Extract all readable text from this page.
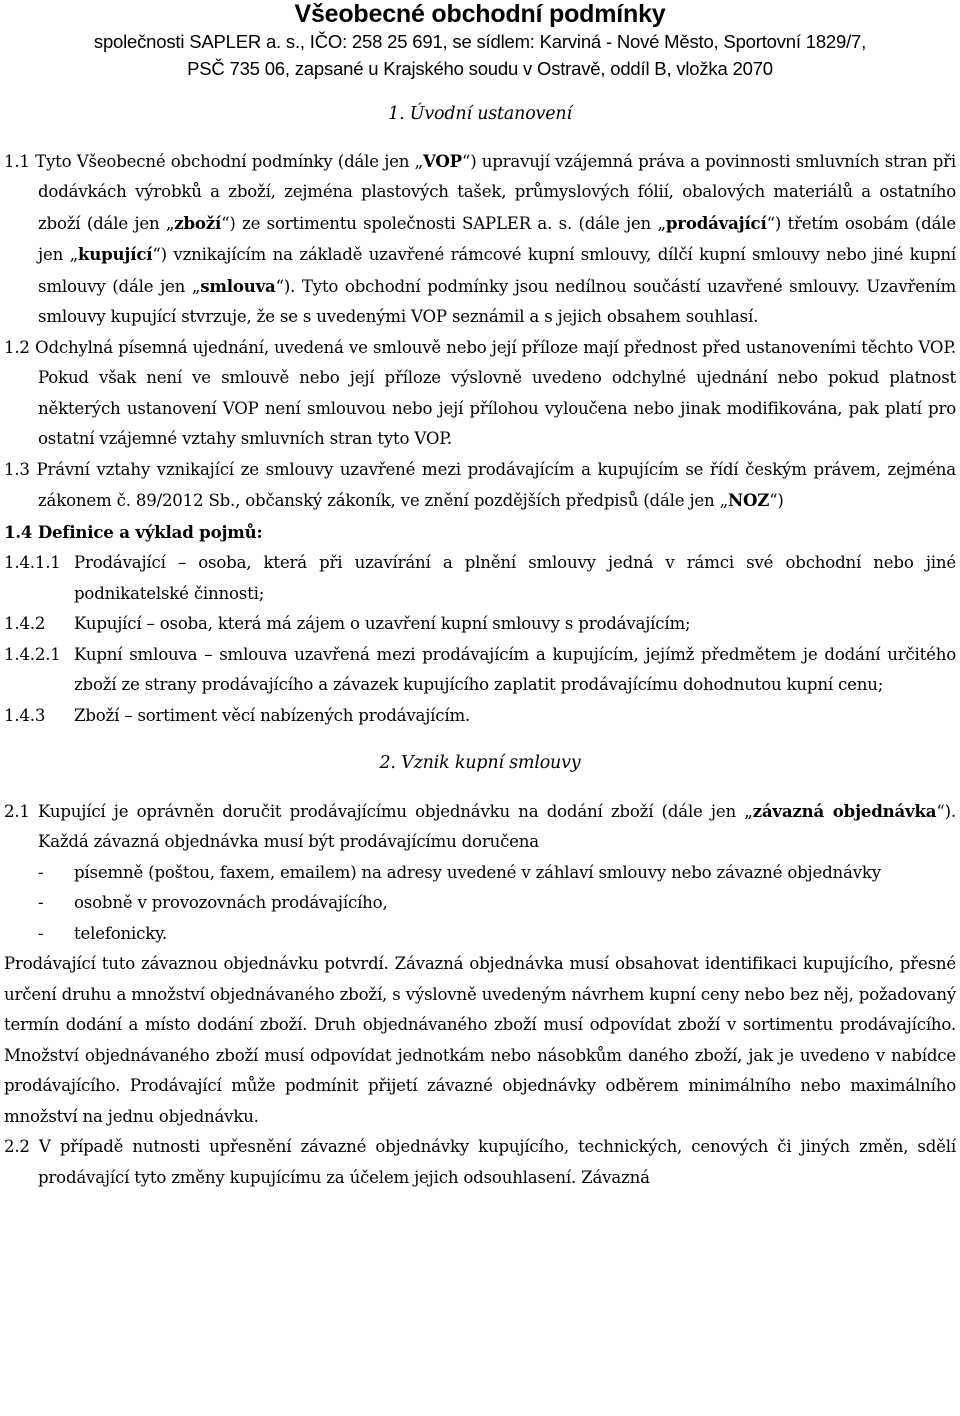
Všeobecné obchodní podmínky

společnosti SAPLER a. s., IČO: 258 25 691, se sídlem: Karviná - Nové Město, Sportovní 1829/7,

PSČ 735 06, zapsané u Krajského soudu v Ostravě, oddíl B, vložka 2070

1. Úvodní ustanovení

1.1 Tyto Všeobecné obchodní podmínky (dále jen „VOP“) upravují vzájemná práva a povinnosti smluvních stran při dodávkách výrobků a zboží, zejména plastových tašek, průmyslových fólií, obalových materiálů a ostatního zboží (dále jen „zboží“) ze sortimentu společnosti SAPLER a. s. (dále jen „prodávající“) třetím osobám (dále jen „kupující“) vznikajícím na základě uzavřené rámcové kupní smlouvy, dílčí kupní smlouvy nebo jiné kupní smlouvy (dále jen „smlouva“). Tyto obchodní podmínky jsou nedílnou součástí uzavřené smlouvy. Uzavřením smlouvy kupující stvrzuje, že se s uvedenými VOP seznámil a s jejich obsahem souhlasí.

1.2 Odchylná písemná ujednání, uvedená ve smlouvě nebo její příloze mají přednost před ustanoveními těchto VOP. Pokud však není ve smlouvě nebo její příloze výslovně uvedeno odchylné ujednání nebo pokud platnost některých ustanovení VOP není smlouvou nebo její přílohou vyloučena nebo jinak modifikována, pak platí pro ostatní vzájemné vztahy smluvních stran tyto VOP.

1.3 Právní vztahy vznikající ze smlouvy uzavřené mezi prodávajícím a kupujícím se řídí českým právem, zejména zákonem č. 89/2012 Sb., občanský zákoník, ve znění pozdějších předpisů (dále jen „NOZ“)

1.4 Definice a výklad pojmů:

1.4.1.1 Prodávající – osoba, která při uzavírání a plnění smlouvy jedná v rámci své obchodní nebo jiné podnikatelské činnosti;
1.4.2	Kupující – osoba, která má zájem o uzavření kupní smlouvy s prodávajícím;
1.4.2.1 Kupní smlouva – smlouva uzavřená mezi prodávajícím a kupujícím, jejímž předmětem je dodání určitého zboží ze strany prodávajícího a závazek kupujícího zaplatit prodávajícímu dohodnutou kupní cenu;
1.4.3	Zboží – sortiment věcí nabízených prodávajícím.

2. Vznik kupní smlouvy

2.1 Kupující je oprávněn doručit prodávajícímu objednávku na dodání zboží (dále jen „závazná objednávka“). Každá závazná objednávka musí být prodávajícímu doručena

-	písemně (poštou, faxem, emailem) na adresy uvedené v záhlaví smlouvy nebo závazné objednávky
-	osobně v provozovnách prodávajícího,
-	telefonicky.

Prodávající tuto závaznou objednávku potvrdí. Závazná objednávka musí obsahovat identifikaci kupujícího, přesné určení druhu a množství objednávaného zboží, s výslovně uvedeným návrhem kupní ceny nebo bez něj, požadovaný termín dodání a místo dodání zboží. Druh objednávaného zboží musí odpovídat zboží v sortimentu prodávajícího. Množství objednávaného zboží musí odpovídat jednotkám nebo násobkům daného zboží, jak je uvedeno v nabídce prodávajícího. Prodávající může podmínit přijetí závazné objednávky odběrem minimálního nebo maximálního množství na jednu objednávku.

2.2 V případě nutnosti upřesnění závazné objednávky kupujícího, technických, cenových či jiných změn, sdělí prodávající tyto změny kupujícímu za účelem jejich odsouhlasení. Závazná
